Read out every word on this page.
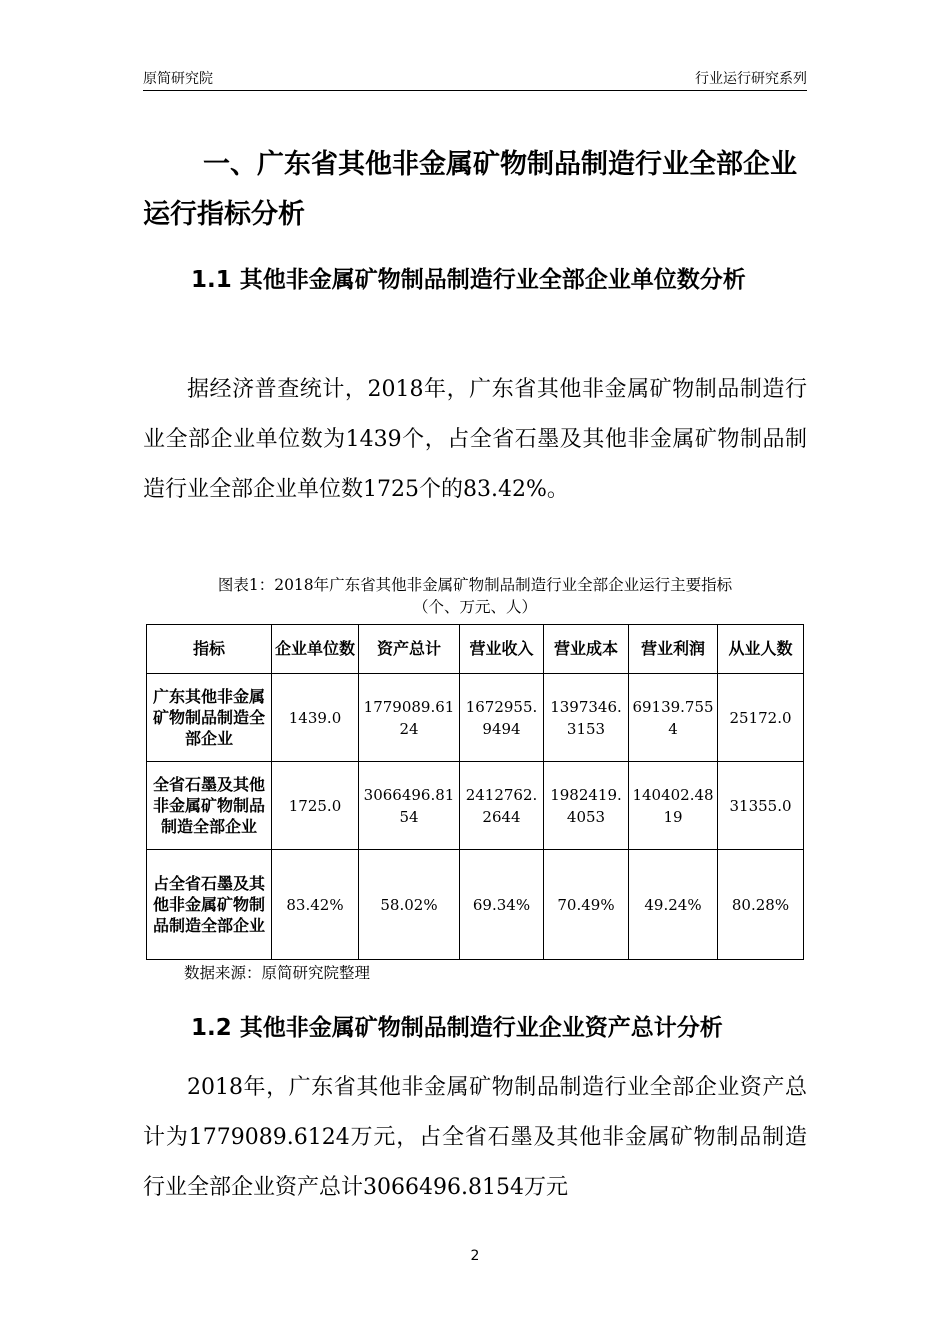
原简研究院	行业运行研究系列
一、广东省其他非金属矿物制品制造行业全部企业运行指标分析
1.1 其他非金属矿物制品制造行业全部企业单位数分析
据经济普查统计，2018年，广东省其他非金属矿物制品制造行业全部企业单位数为1439个，占全省石墨及其他非金属矿物制品制造行业全部企业单位数1725个的83.42%。
图表1：2018年广东省其他非金属矿物制品制造行业全部企业运行主要指标
（个、万元、人）
指标	企业单位数	资产总计	营业收入	营业成本	营业利润	从业人数
广东其他非金属矿物制品制造全部企业	1439.0	1779089.6124	1672955.9494	1397346.3153	69139.7554	25172.0
全省石墨及其他非金属矿物制品制造全部企业	1725.0	3066496.8154	2412762.2644	1982419.4053	140402.4819	31355.0
占全省石墨及其他非金属矿物制品制造全部企业	83.42%	58.02%	69.34%	70.49%	49.24%	80.28%
数据来源：原简研究院整理
1.2 其他非金属矿物制品制造行业企业资产总计分析
2018年，广东省其他非金属矿物制品制造行业全部企业资产总计为1779089.6124万元，占全省石墨及其他非金属矿物制品制造行业全部企业资产总计3066496.8154万元
2
